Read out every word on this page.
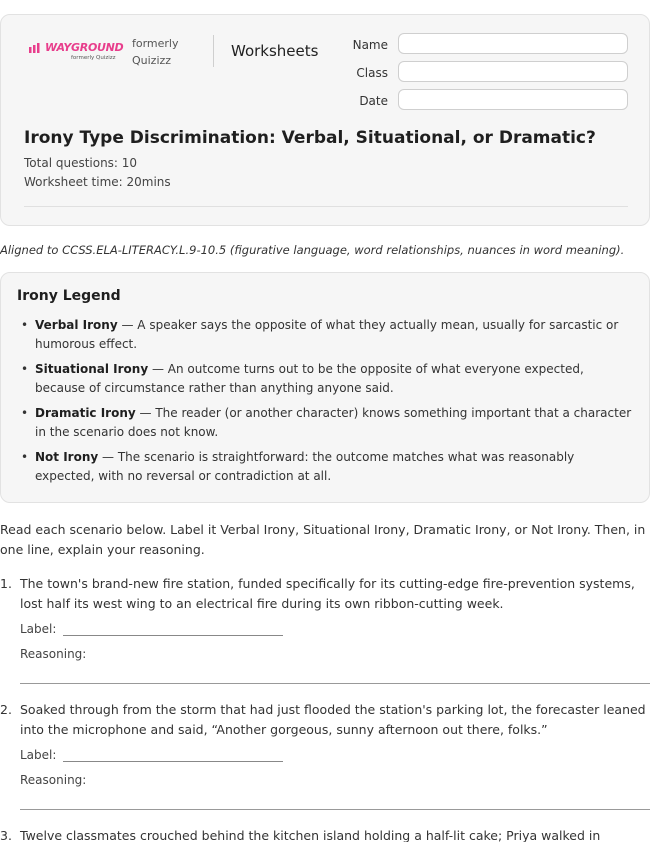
WAYGROUND
formerly Quizizz
formerly Quizizz
Worksheets	Name
Class
Date
Irony Type Discrimination: Verbal, Situational, or Dramatic?
Total questions: 10
Worksheet time: 20mins
Aligned to CCSS.ELA-LITERACY.L.9-10.5 (figurative language, word relationships, nuances in word meaning).
Irony Legend
• Verbal Irony — A speaker says the opposite of what they actually mean, usually for sarcastic or humorous effect.
• Situational Irony — An outcome turns out to be the opposite of what everyone expected, because of circumstance rather than anything anyone said.
• Dramatic Irony — The reader (or another character) knows something important that a character in the scenario does not know.
• Not Irony — The scenario is straightforward: the outcome matches what was reasonably expected, with no reversal or contradiction at all.
Read each scenario below. Label it Verbal Irony, Situational Irony, Dramatic Irony, or Not Irony. Then, in one line, explain your reasoning.
1. The town's brand-new fire station, funded specifically for its cutting-edge fire-prevention systems, lost half its west wing to an electrical fire during its own ribbon-cutting week.
Label:
Reasoning:
2. Soaked through from the storm that had just flooded the station's parking lot, the forecaster leaned into the microphone and said, “Another gorgeous, sunny afternoon out there, folks.”
Label:
Reasoning:
3. Twelve classmates crouched behind the kitchen island holding a half-lit cake; Priya walked in
